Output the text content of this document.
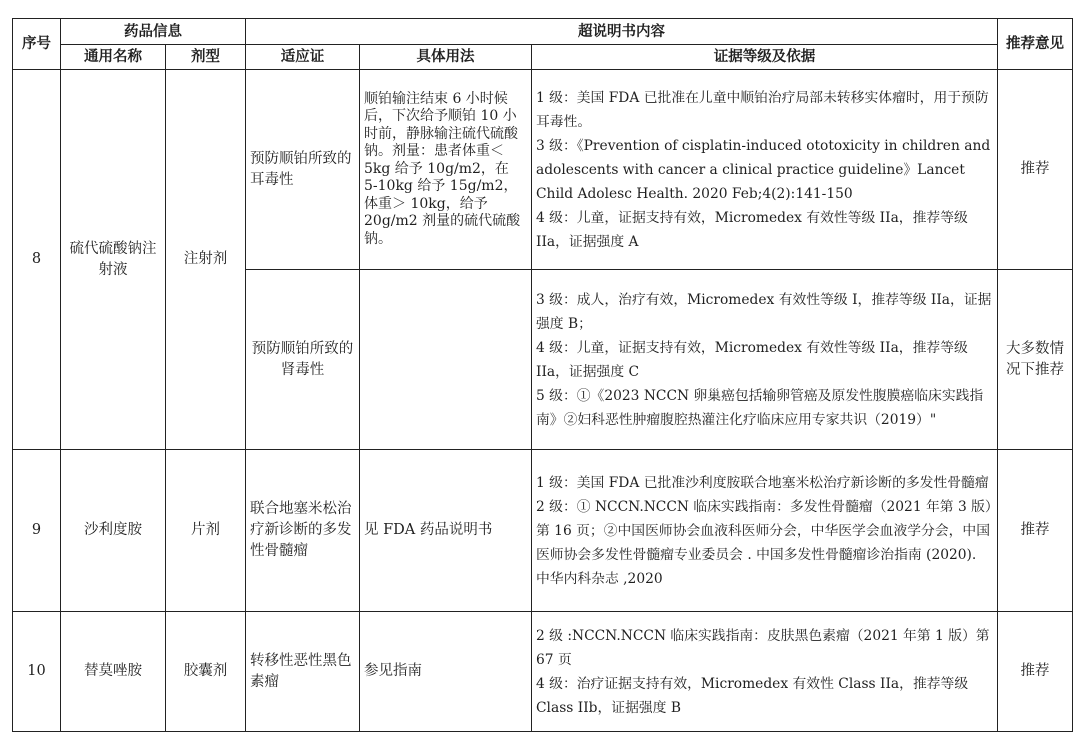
序号	药品信息		超说明书内容			推荐意见
	通用名称	剂型	适应证	具体用法	证据等级及依据	
8	硫代硫酸钠注射液	注射剂	预防顺铂所致的耳毒性	顺铂输注结束 6 小时候后，下次给予顺铂 10 小时前，静脉输注硫代硫酸钠。剂量：患者体重＜ 5kg 给予 10g/m2，在 5-10kg 给予 15g/m2，体重＞ 10kg，给予 20g/m2 剂量的硫代硫酸钠。	1 级：美国 FDA 已批准在儿童中顺铂治疗局部未转移实体瘤时，用于预防耳毒性。
3 级：《Prevention of cisplatin-induced ototoxicity in children and adolescents with cancer a clinical practice guideline》Lancet Child Adolesc Health. 2020 Feb;4(2):141-150
4 级：儿童，证据支持有效，Micromedex 有效性等级 IIa，推荐等级 IIa，证据强度 A	推荐
			预防顺铂所致的肾毒性		3 级：成人，治疗有效，Micromedex 有效性等级 I，推荐等级 IIa，证据强度 B；
4 级：儿童，证据支持有效，Micromedex 有效性等级 IIa，推荐等级 IIa，证据强度 C
5 级：①《2023 NCCN 卵巢癌包括输卵管癌及原发性腹膜癌临床实践指南》②妇科恶性肿瘤腹腔热灌注化疗临床应用专家共识（2019）"	大多数情况下推荐
9	沙利度胺	片剂	联合地塞米松治疗新诊断的多发性骨髓瘤	见 FDA 药品说明书	1 级：美国 FDA 已批准沙利度胺联合地塞米松治疗新诊断的多发性骨髓瘤
2 级：① NCCN.NCCN 临床实践指南：多发性骨髓瘤（2021 年第 3 版）第 16 页；②中国医师协会血液科医师分会，中华医学会血液学分会，中国医师协会多发性骨髓瘤专业委员会 . 中国多发性骨髓瘤诊治指南 (2020). 中华内科杂志 ,2020	推荐
10	替莫唑胺	胶囊剂	转移性恶性黑色素瘤	参见指南	2 级 :NCCN.NCCN 临床实践指南：皮肤黑色素瘤（2021 年第 1 版）第 67 页
4 级：治疗证据支持有效，Micromedex 有效性 Class IIa，推荐等级 Class IIb，证据强度 B	推荐
